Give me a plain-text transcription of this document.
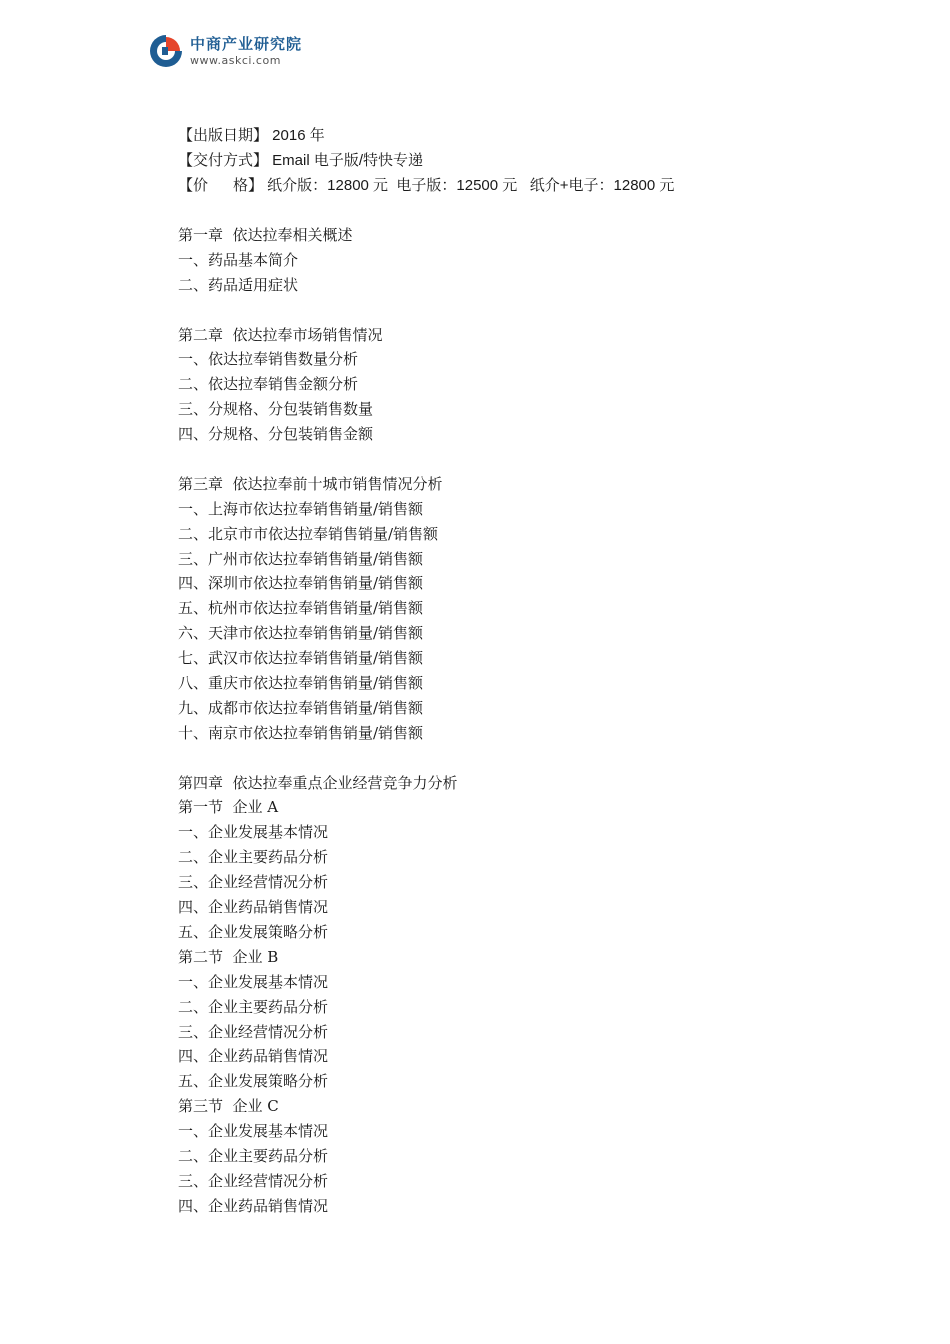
中商产业研究院
www.askci.com
【出版日期】 2016 年
【交付方式】 Email 电子版/特快专递
【价      格】 纸介版：12800 元  电子版：12500 元   纸介+电子：12800 元
第一章  依达拉奉相关概述
一、药品基本简介
二、药品适用症状
第二章  依达拉奉市场销售情况
一、依达拉奉销售数量分析
二、依达拉奉销售金额分析
三、分规格、分包装销售数量
四、分规格、分包装销售金额
第三章  依达拉奉前十城市销售情况分析
一、上海市依达拉奉销售销量/销售额
二、北京市市依达拉奉销售销量/销售额
三、广州市依达拉奉销售销量/销售额
四、深圳市依达拉奉销售销量/销售额
五、杭州市依达拉奉销售销量/销售额
六、天津市依达拉奉销售销量/销售额
七、武汉市依达拉奉销售销量/销售额
八、重庆市依达拉奉销售销量/销售额
九、成都市依达拉奉销售销量/销售额
十、南京市依达拉奉销售销量/销售额
第四章  依达拉奉重点企业经营竞争力分析
第一节  企业 A
一、企业发展基本情况
二、企业主要药品分析
三、企业经营情况分析
四、企业药品销售情况
五、企业发展策略分析
第二节  企业 B
一、企业发展基本情况
二、企业主要药品分析
三、企业经营情况分析
四、企业药品销售情况
五、企业发展策略分析
第三节  企业 C
一、企业发展基本情况
二、企业主要药品分析
三、企业经营情况分析
四、企业药品销售情况
